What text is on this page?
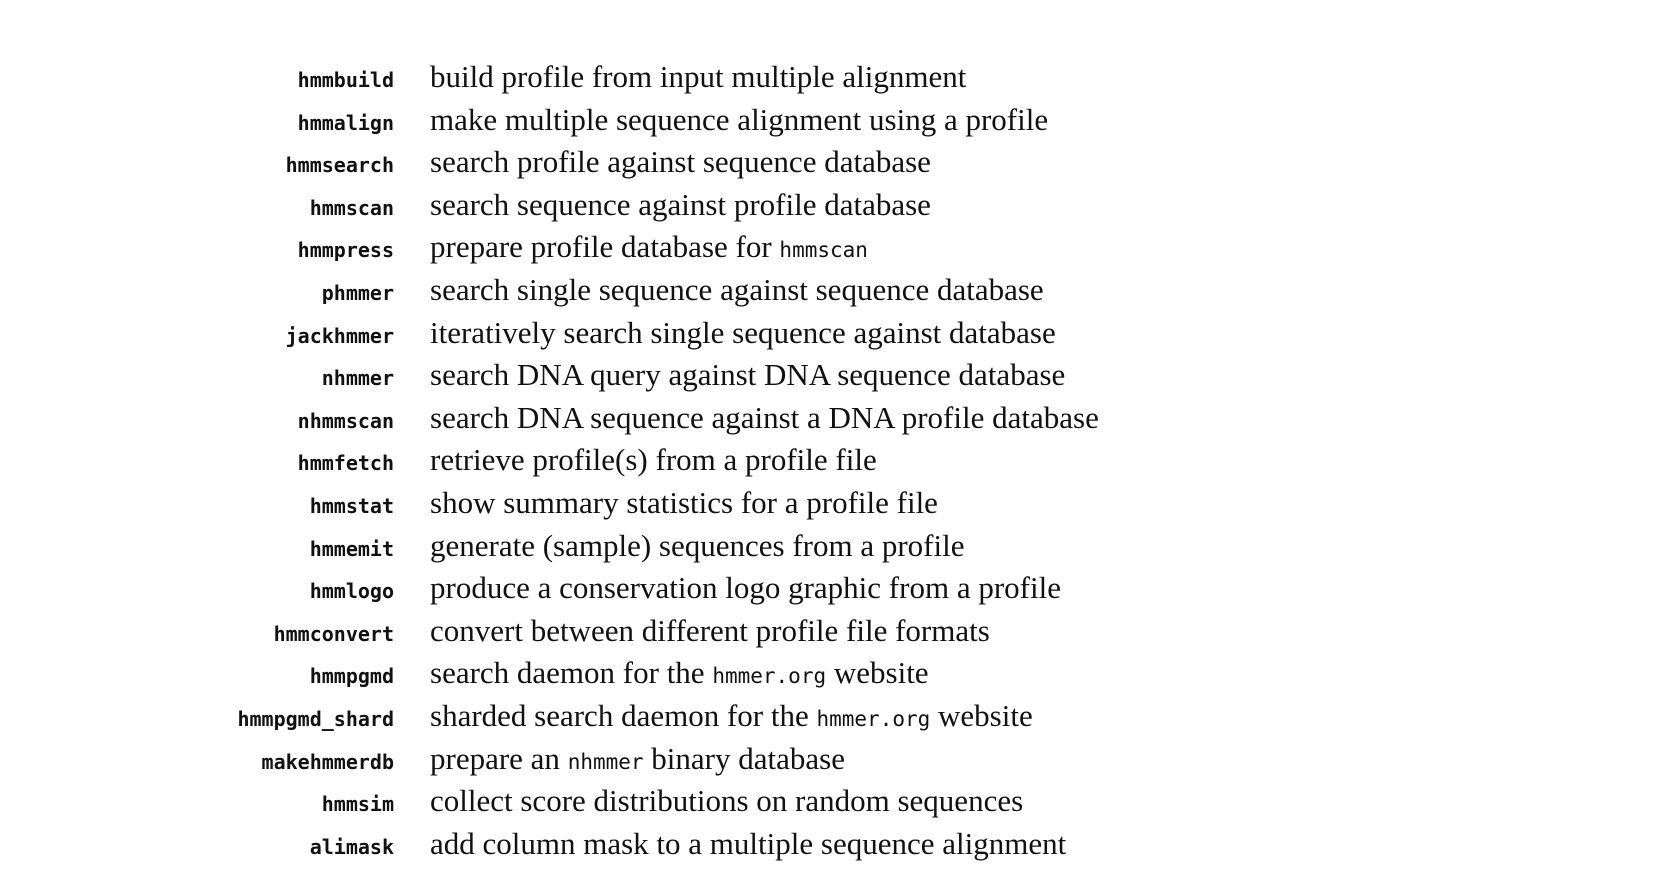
hmmbuild build profile from input multiple alignment
hmmalign make multiple sequence alignment using a profile
hmmsearch search profile against sequence database
hmmscan search sequence against profile database
hmmpress prepare profile database for hmmscan
phmmer search single sequence against sequence database
jackhmmer iteratively search single sequence against database
nhmmer search DNA query against DNA sequence database
nhmmscan search DNA sequence against a DNA profile database
hmmfetch retrieve profile(s) from a profile file
hmmstat show summary statistics for a profile file
hmmemit generate (sample) sequences from a profile
hmmlogo produce a conservation logo graphic from a profile
hmmconvert convert between different profile file formats
hmmpgmd search daemon for the hmmer.org website
hmmpgmd_shard sharded search daemon for the hmmer.org website
makehmmerdb prepare an nhmmer binary database
hmmsim collect score distributions on random sequences
alimask add column mask to a multiple sequence alignment
